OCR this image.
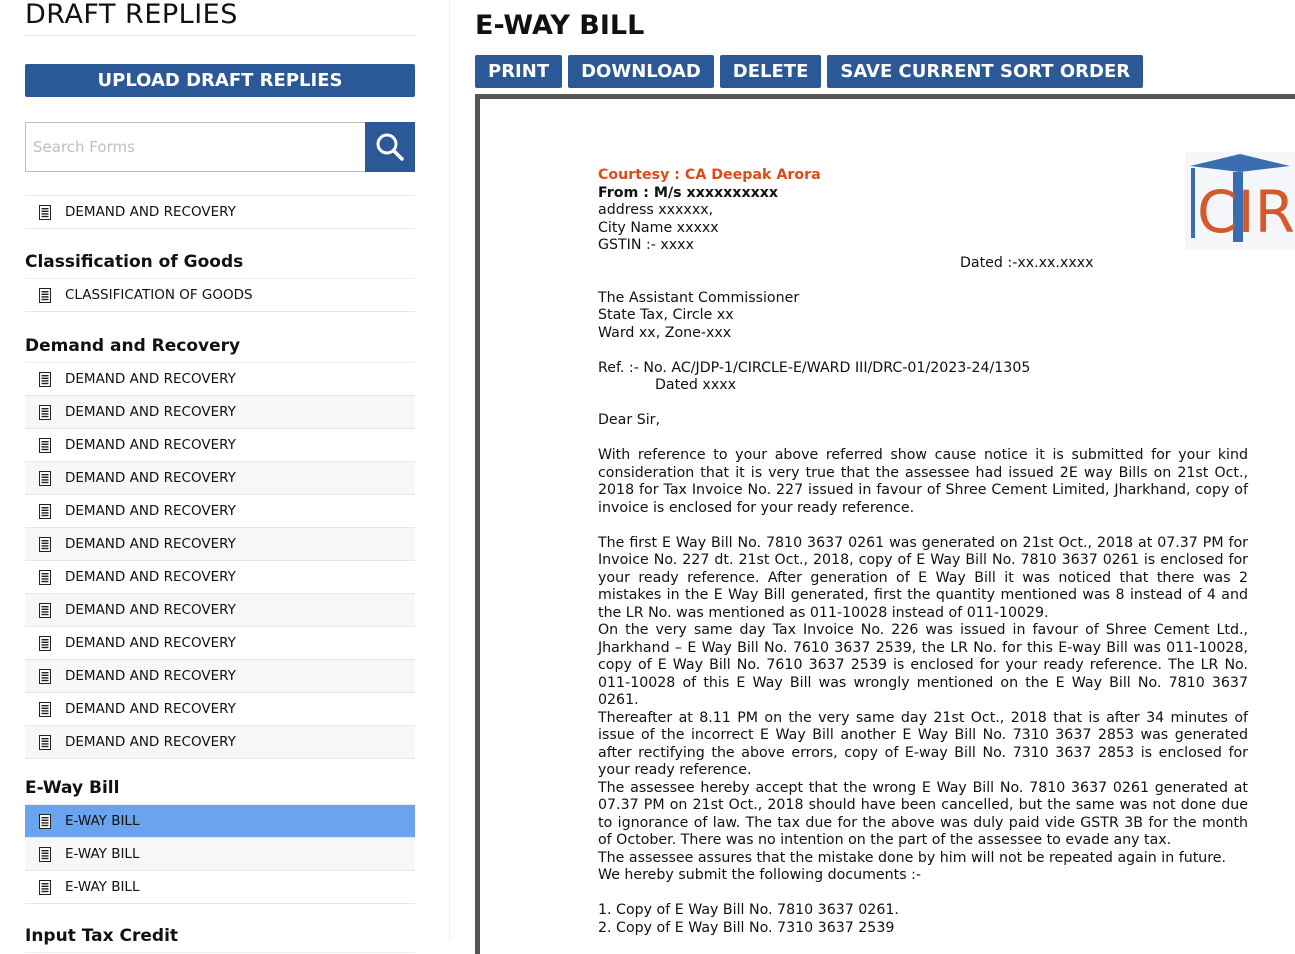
DRAFT REPLIES
UPLOAD DRAFT REPLIES
Search Forms
DEMAND AND RECOVERY
Classification of Goods
CLASSIFICATION OF GOODS
Demand and Recovery
DEMAND AND RECOVERY
DEMAND AND RECOVERY
DEMAND AND RECOVERY
DEMAND AND RECOVERY
DEMAND AND RECOVERY
DEMAND AND RECOVERY
DEMAND AND RECOVERY
DEMAND AND RECOVERY
DEMAND AND RECOVERY
DEMAND AND RECOVERY
DEMAND AND RECOVERY
DEMAND AND RECOVERY
E-Way Bill
E-WAY BILL
E-WAY BILL
E-WAY BILL
Input Tax Credit
E-WAY BILL
PRINT	DOWNLOAD	DELETE	SAVE CURRENT SORT ORDER
CIR
Courtesy : CA Deepak Arora
From : M/s xxxxxxxxxx
address xxxxxx,
City Name xxxxx
GSTIN :- xxxx
Dated :-xx.xx.xxxx
The Assistant Commissioner
State Tax, Circle xx
Ward xx, Zone-xxx
Ref. :- No. AC/JDP-1/CIRCLE-E/WARD III/DRC-01/2023-24/1305
Dated xxxx
Dear Sir,

With reference to your above referred show cause notice it is submitted for your kind consideration that it is very true that the assessee had issued 2E way Bills on 21st Oct., 2018 for Tax Invoice No. 227 issued in favour of Shree Cement Limited, Jharkhand, copy of invoice is enclosed for your ready reference.

The first E Way Bill No. 7810 3637 0261 was generated on 21st Oct., 2018 at 07.37 PM for Invoice No. 227 dt. 21st Oct., 2018, copy of E Way Bill No. 7810 3637 0261 is enclosed for your ready reference. After generation of E Way Bill it was noticed that there was 2 mistakes in the E Way Bill generated, first the quantity mentioned was 8 instead of 4 and the LR No. was mentioned as 011-10028 instead of 011-10029.

On the very same day Tax Invoice No. 226 was issued in favour of Shree Cement Ltd., Jharkhand – E Way Bill No. 7610 3637 2539, the LR No. for this E-way Bill was 011-10028, copy of E Way Bill No. 7610 3637 2539 is enclosed for your ready reference. The LR No. 011-10028 of this E Way Bill was wrongly mentioned on the E Way Bill No. 7810 3637 0261.

Thereafter at 8.11 PM on the very same day 21st Oct., 2018 that is after 34 minutes of issue of the incorrect E Way Bill another E Way Bill No. 7310 3637 2853 was generated after rectifying the above errors, copy of E-way Bill No. 7310 3637 2853 is enclosed for your ready reference.

The assessee hereby accept that the wrong E Way Bill No. 7810 3637 0261 generated at 07.37 PM on 21st Oct., 2018 should have been cancelled, but the same was not done due to ignorance of law. The tax due for the above was duly paid vide GSTR 3B for the month of October. There was no intention on the part of the assessee to evade any tax.

The assessee assures that the mistake done by him will not be repeated again in future.

We hereby submit the following documents :-

1. Copy of E Way Bill No. 7810 3637 0261.
2. Copy of E Way Bill No. 7310 3637 2539
